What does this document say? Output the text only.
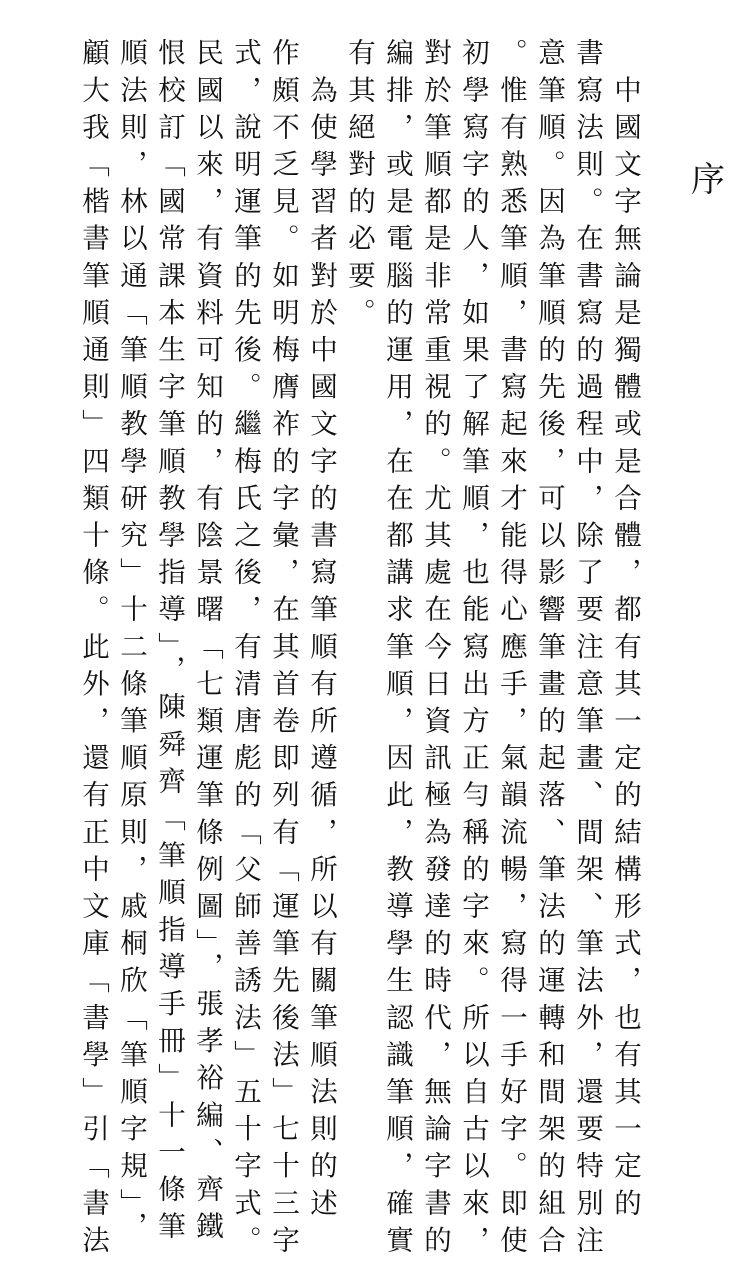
序
　中國文字無論是獨體或是合體，都有其一定的結構形式，也有其一定的
書寫法則。在書寫的過程中，除了要注意筆畫、間架、筆法外，還要特別注
意筆順。因為筆順的先後，可以影響筆畫的起落、筆法的運轉和間架的組合
。惟有熟悉筆順，書寫起來才能得心應手，氣韻流暢，寫得一手好字。即使
初學寫字的人，如果了解筆順，也能寫出方正勻稱的字來。所以自古以來，
對於筆順都是非常重視的。尤其處在今日資訊極為發達的時代，無論字書的
編排，或是電腦的運用，在在都講求筆順，因此，教導學生認識筆順，確實
有其絕對的必要。
　為使學習者對於中國文字的書寫筆順有所遵循，所以有關筆順法則的述
作頗不乏見。如明梅膺祚的字彙，在其首卷即列有「運筆先後法」七十三字
式，說明運筆的先後。繼梅氏之後，有清唐彪的「父師善誘法」五十字式。
民國以來，有資料可知的，有陰景曙「七類運筆條例圖」，張孝裕編、齊鐵
恨校訂「國常課本生字筆順教學指導」，陳舜齊「筆順指導手冊」十一條筆
順法則，林以通「筆順教學研究」十二條筆順原則，戚桐欣「筆順字規」，
顧大我「楷書筆順通則」四類十條。此外，還有正中文庫「書學」引「書法
